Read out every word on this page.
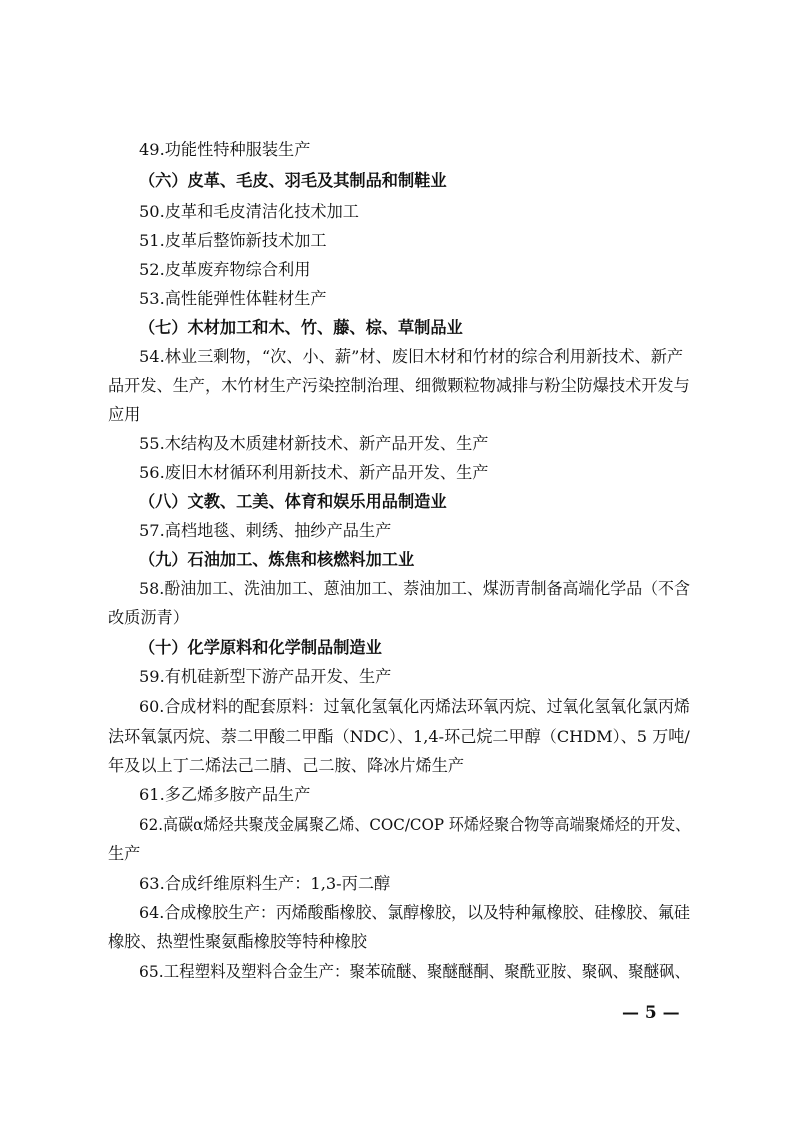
49.功能性特种服装生产
（六）皮革、毛皮、羽毛及其制品和制鞋业
50.皮革和毛皮清洁化技术加工
51.皮革后整饰新技术加工
52.皮革废弃物综合利用
53.高性能弹性体鞋材生产
（七）木材加工和木、竹、藤、棕、草制品业
54.林业三剩物，“次、小、薪”材、废旧木材和竹材的综合利用新技术、新产
品开发、生产，木竹材生产污染控制治理、细微颗粒物减排与粉尘防爆技术开发与
应用
55.木结构及木质建材新技术、新产品开发、生产
56.废旧木材循环利用新技术、新产品开发、生产
（八）文教、工美、体育和娱乐用品制造业
57.高档地毯、刺绣、抽纱产品生产
（九）石油加工、炼焦和核燃料加工业
58.酚油加工、洗油加工、蒽油加工、萘油加工、煤沥青制备高端化学品（不含
改质沥青）
（十）化学原料和化学制品制造业
59.有机硅新型下游产品开发、生产
60.合成材料的配套原料：过氧化氢氧化丙烯法环氧丙烷、过氧化氢氧化氯丙烯
法环氧氯丙烷、萘二甲酸二甲酯（NDC）、1,4-环己烷二甲醇（CHDM）、5 万吨/
年及以上丁二烯法己二腈、己二胺、降冰片烯生产
61.多乙烯多胺产品生产
62.高碳α烯烃共聚茂金属聚乙烯、COC/COP 环烯烃聚合物等高端聚烯烃的开发、
生产
63.合成纤维原料生产：1,3-丙二醇
64.合成橡胶生产：丙烯酸酯橡胶、氯醇橡胶，以及特种氟橡胶、硅橡胶、氟硅
橡胶、热塑性聚氨酯橡胶等特种橡胶
65.工程塑料及塑料合金生产：聚苯硫醚、聚醚醚酮、聚酰亚胺、聚砜、聚醚砜、
— 5 —
